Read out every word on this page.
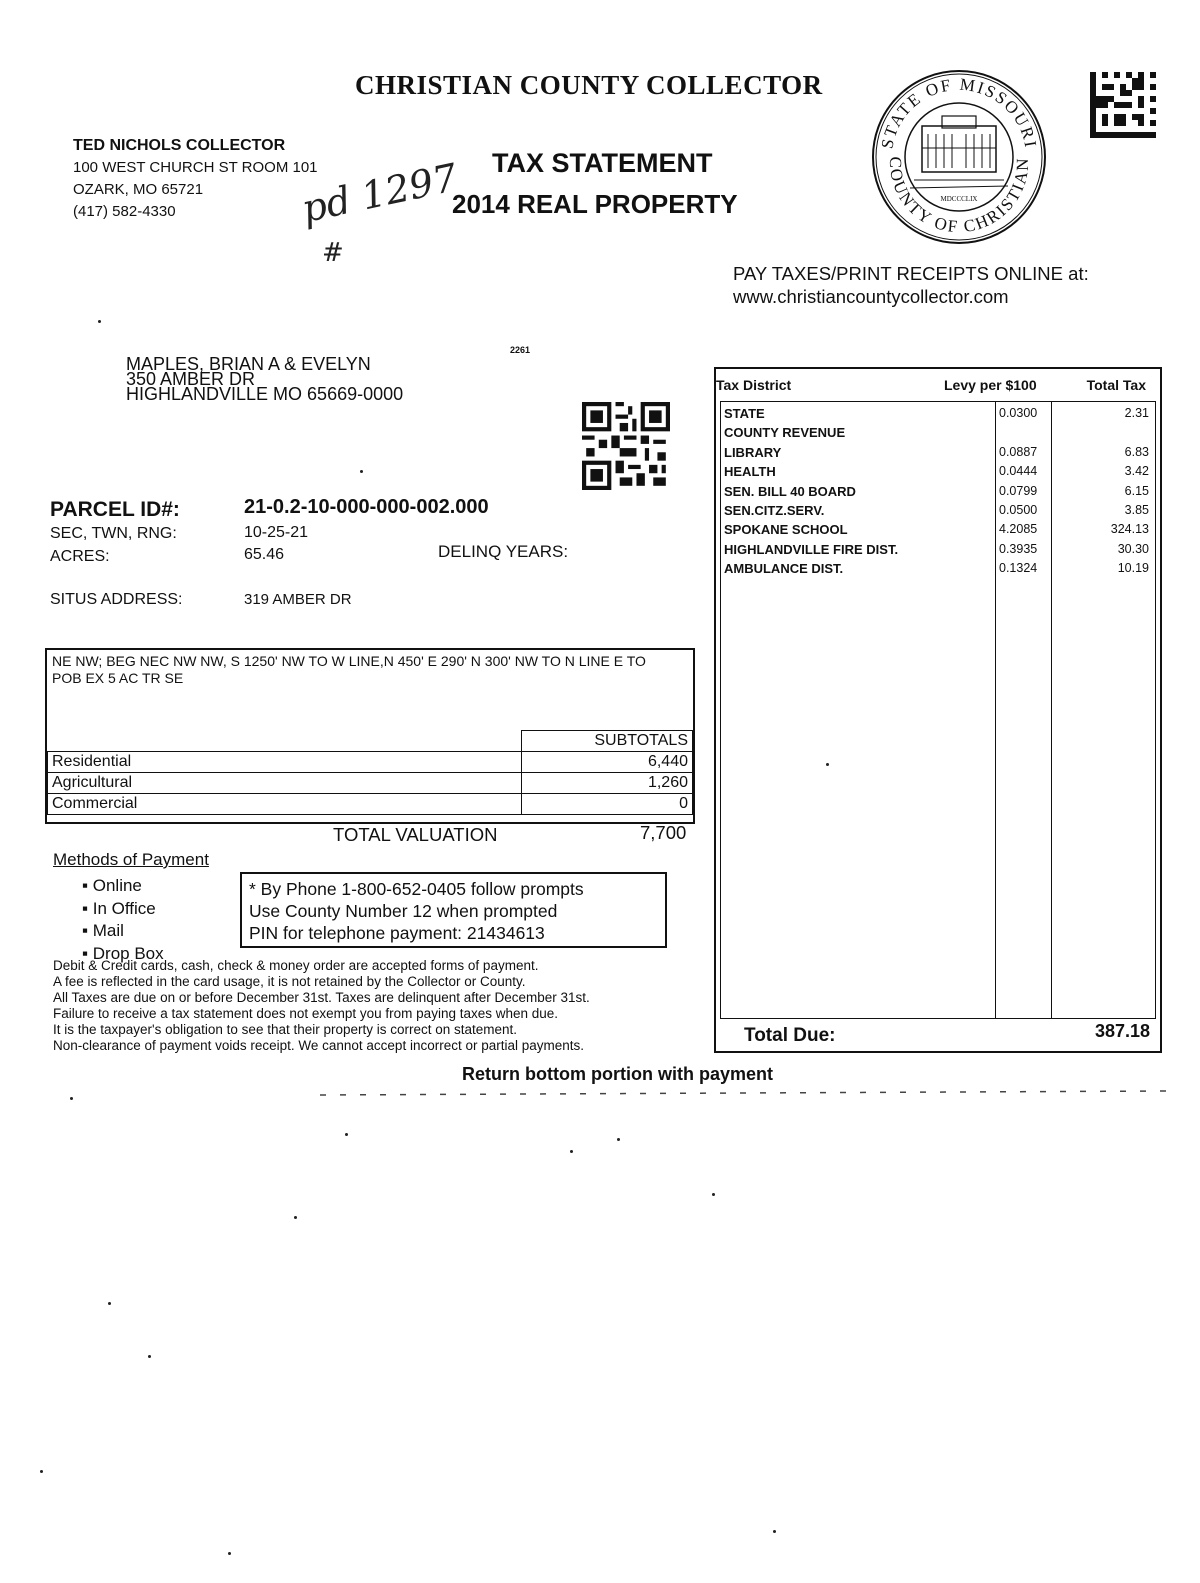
CHRISTIAN COUNTY COLLECTOR
TED NICHOLS COLLECTOR
100 WEST CHURCH ST ROOM 101
OZARK, MO 65721
(417) 582-4330
TAX STATEMENT
2014 REAL PROPERTY
pd 1297
#
STATE OF MISSOURI
COUNTY OF CHRISTIAN
MDCCCLIX
PAY TAXES/PRINT RECEIPTS ONLINE at:
www.christiancountycollector.com
2261
MAPLES, BRIAN A & EVELYN
350 AMBER DR
HIGHLANDVILLE MO 65669-0000
PARCEL ID#:	21-0.2-10-000-000-002.000
SEC, TWN, RNG:	10-25-21
ACRES:	65.46	DELINQ YEARS:
SITUS ADDRESS:	319 AMBER DR
NE NW; BEG NEC NW NW, S 1250' NW TO W LINE,N 450' E 290' N 300' NW TO N LINE E TO POB EX 5 AC TR SE
	SUBTOTALS
Residential	6,440
Agricultural	1,260
Commercial	0
TOTAL VALUATION	7,700
Methods of Payment
▪ Online
▪ In Office
▪ Mail
▪ Drop Box
* By Phone 1-800-652-0405 follow prompts
Use County Number 12 when prompted
PIN for telephone payment: 21434613
Debit & Credit cards, cash, check & money order are accepted forms of payment.
A fee is reflected in the card usage, it is not retained by the Collector or County.
All Taxes are due on or before December 31st. Taxes are delinquent after December 31st.
Failure to receive a tax statement does not exempt you from paying taxes when due.
It is the taxpayer's obligation to see that their property is correct on statement.
Non-clearance of payment voids receipt. We cannot accept incorrect or partial payments.
Tax District	Levy per $100	Total Tax
STATE	0.0300	2.31
COUNTY REVENUE
LIBRARY	0.0887	6.83
HEALTH	0.0444	3.42
SEN. BILL 40 BOARD	0.0799	6.15
SEN.CITZ.SERV.	0.0500	3.85
SPOKANE SCHOOL	4.2085	324.13
HIGHLANDVILLE FIRE DIST.	0.3935	30.30
AMBULANCE DIST.	0.1324	10.19
Total Due:	387.18
Return bottom portion with payment
